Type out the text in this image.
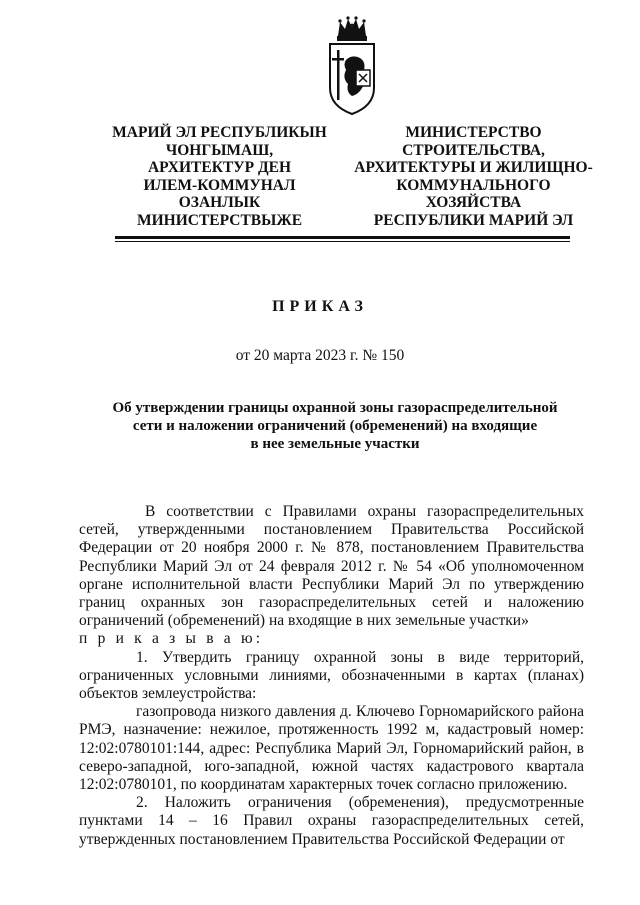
МАРИЙ ЭЛ РЕСПУБЛИКЫН
ЧОНГЫМАШ,
АРХИТЕКТУР ДЕН
ИЛЕМ-КОММУНАЛ
ОЗАНЛЫК
МИНИСТЕРСТВЫЖЕ
МИНИСТЕРСТВО
СТРОИТЕЛЬСТВА,
АРХИТЕКТУРЫ И ЖИЛИЩНО-
КОММУНАЛЬНОГО
ХОЗЯЙСТВА
РЕСПУБЛИКИ МАРИЙ ЭЛ
ПРИКАЗ
от 20 марта 2023 г. № 150
Об утверждении границы охранной зоны газораспределительной
сети и наложении ограничений (обременений) на входящие
в нее земельные участки

В соответствии с Правилами охраны газораспределительных сетей, утвержденными постановлением Правительства Российской Федерации от 20 ноября 2000 г. № 878, постановлением Правительства Республики Марий Эл от 24 февраля 2012 г. № 54 «Об уполномоченном органе исполнительной власти Республики Марий Эл по утверждению границ охранных зон газораспределительных сетей и наложению ограничений (обременений) на входящие в них земельные участки»

п р и к а з ы в а ю:

1. Утвердить границу охранной зоны в виде территорий, ограниченных условными линиями, обозначенными в картах (планах) объектов землеустройства:

газопровода низкого давления д. Ключево Горномарийского района РМЭ, назначение: нежилое, протяженность 1992 м, кадастровый номер: 12:02:0780101:144, адрес: Республика Марий Эл, Горномарийский район, в северо-западной, юго-западной, южной частях кадастрового квартала 12:02:0780101, по координатам характерных точек согласно приложению.

2. Наложить ограничения (обременения), предусмотренные пунктами 14 – 16 Правил охраны газораспределительных сетей, утвержденных постановлением Правительства Российской Федерации от
